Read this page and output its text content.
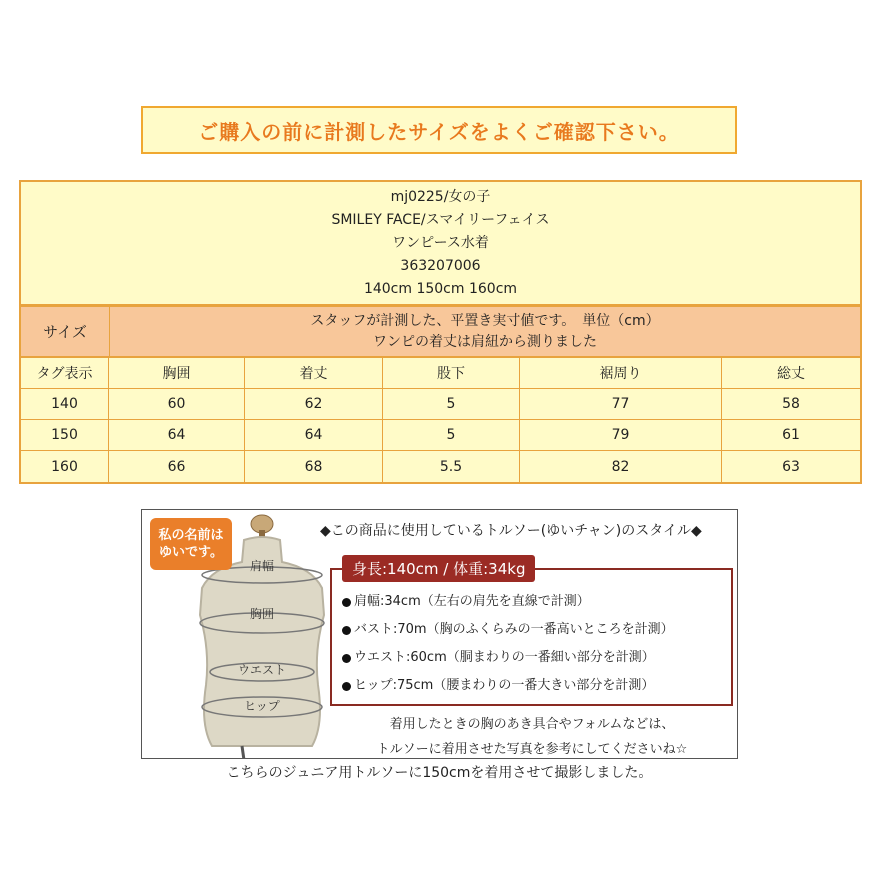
ご購入の前に計測したサイズをよくご確認下さい。
mj0225/女の子
SMILEY FACE/スマイリーフェイス
ワンピース水着
363207006
140cm 150cm 160cm
サイズ
スタッフが計測した、平置き実寸値です。　単位（cm）
ワンピの着丈は肩紐から測りました
タグ表示	胸囲	着丈	股下	裾周り	総丈
140	60	62	5	77	58
150	64	64	5	79	61
160	66	68	5.5	82	63
肩幅
胸囲
ウエスト
ヒップ
私の名前は
ゆいです。
◆この商品に使用しているトルソー(ゆいチャン)のスタイル◆
身長:140cm / 体重:34kg
肩幅:34cm（左右の肩先を直線で計測）
バスト:70m（胸のふくらみの一番高いところを計測）
ウエスト:60cm（胴まわりの一番細い部分を計測）
ヒップ:75cm（腰まわりの一番大きい部分を計測）
着用したときの胸のあき具合やフォルムなどは、
トルソーに着用させた写真を参考にしてくださいね☆
こちらのジュニア用トルソーに150cmを着用させて撮影しました。
